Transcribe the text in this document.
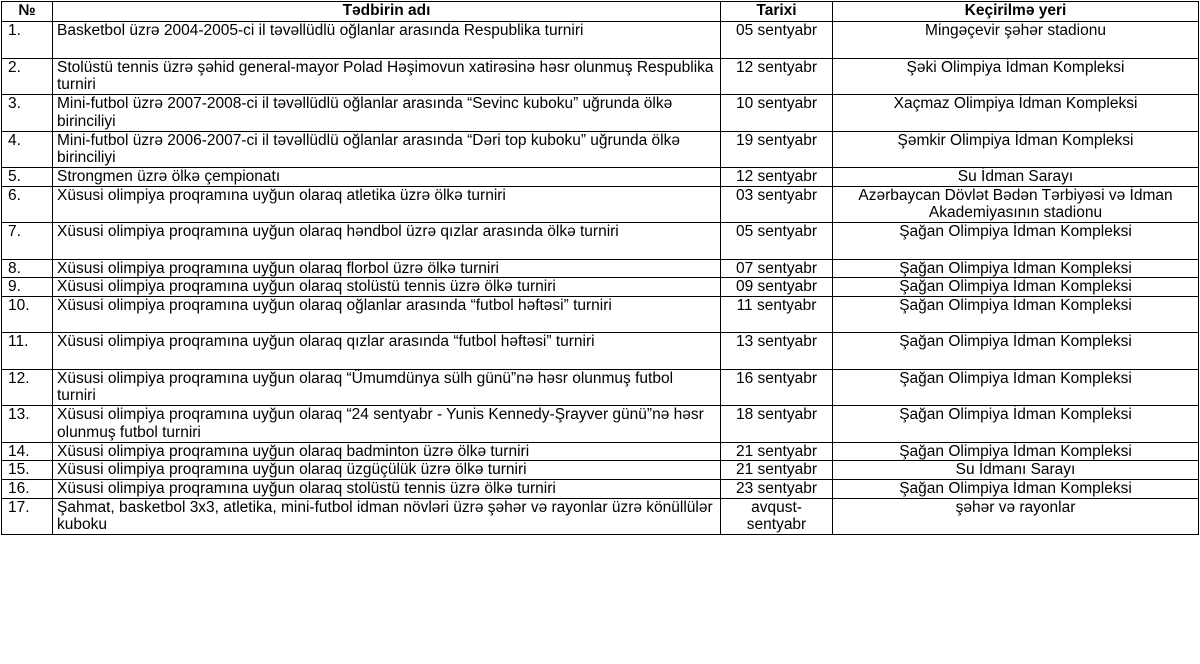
№	Tədbirin adı	Tarixi	Keçirilmə yeri
1.	Basketbol üzrə 2004-2005-ci il təvəllüdlü oğlanlar arasında Respublika turniri	05 sentyabr	Mingəçevir şəhər stadionu
2.	Stolüstü tennis üzrə şəhid general-mayor Polad Həşimovun xatirəsinə həsr olunmuş Respublika turniri	12 sentyabr	Şəki Olimpiya İdman Kompleksi
3.	Mini-futbol üzrə 2007-2008-ci il təvəllüdlü oğlanlar arasında “Sevinc kuboku” uğrunda ölkə birinciliyi	10 sentyabr	Xaçmaz Olimpiya İdman Kompleksi
4.	Mini-futbol üzrə 2006-2007-ci il təvəllüdlü oğlanlar arasında “Dəri top kuboku” uğrunda ölkə birinciliyi	19 sentyabr	Şəmkir Olimpiya İdman Kompleksi
5.	Strongmen üzrə ölkə çempionatı	12 sentyabr	Su İdman Sarayı
6.	Xüsusi olimpiya proqramına uyğun olaraq atletika üzrə ölkə turniri	03 sentyabr	Azərbaycan Dövlət Bədən Tərbiyəsi və İdman Akademiyasının stadionu
7.	Xüsusi olimpiya proqramına uyğun olaraq həndbol üzrə qızlar arasında ölkə turniri	05 sentyabr	Şağan Olimpiya İdman Kompleksi
8.	Xüsusi olimpiya proqramına uyğun olaraq florbol üzrə ölkə turniri	07 sentyabr	Şağan Olimpiya İdman Kompleksi
9.	Xüsusi olimpiya proqramına uyğun olaraq stolüstü tennis üzrə ölkə turniri	09 sentyabr	Şağan Olimpiya İdman Kompleksi
10.	Xüsusi olimpiya proqramına uyğun olaraq oğlanlar arasında “futbol həftəsi” turniri	11 sentyabr	Şağan Olimpiya İdman Kompleksi
11.	Xüsusi olimpiya proqramına uyğun olaraq qızlar arasında “futbol həftəsi” turniri	13 sentyabr	Şağan Olimpiya İdman Kompleksi
12.	Xüsusi olimpiya proqramına uyğun olaraq “Ümumdünya sülh günü”nə həsr olunmuş futbol turniri	16 sentyabr	Şağan Olimpiya İdman Kompleksi
13.	Xüsusi olimpiya proqramına uyğun olaraq “24 sentyabr - Yunis Kennedy-Şrayver günü”nə həsr olunmuş futbol turniri	18 sentyabr	Şağan Olimpiya İdman Kompleksi
14.	Xüsusi olimpiya proqramına uyğun olaraq badminton üzrə ölkə turniri	21 sentyabr	Şağan Olimpiya İdman Kompleksi
15.	Xüsusi olimpiya proqramına uyğun olaraq üzgüçülük üzrə ölkə turniri	21 sentyabr	Su İdmanı Sarayı
16.	Xüsusi olimpiya proqramına uyğun olaraq stolüstü tennis üzrə ölkə turniri	23 sentyabr	Şağan Olimpiya İdman Kompleksi
17.	Şahmat, basketbol 3x3, atletika, mini-futbol idman növləri üzrə şəhər və rayonlar üzrə könüllülər kuboku	avqust-sentyabr	şəhər və rayonlar
